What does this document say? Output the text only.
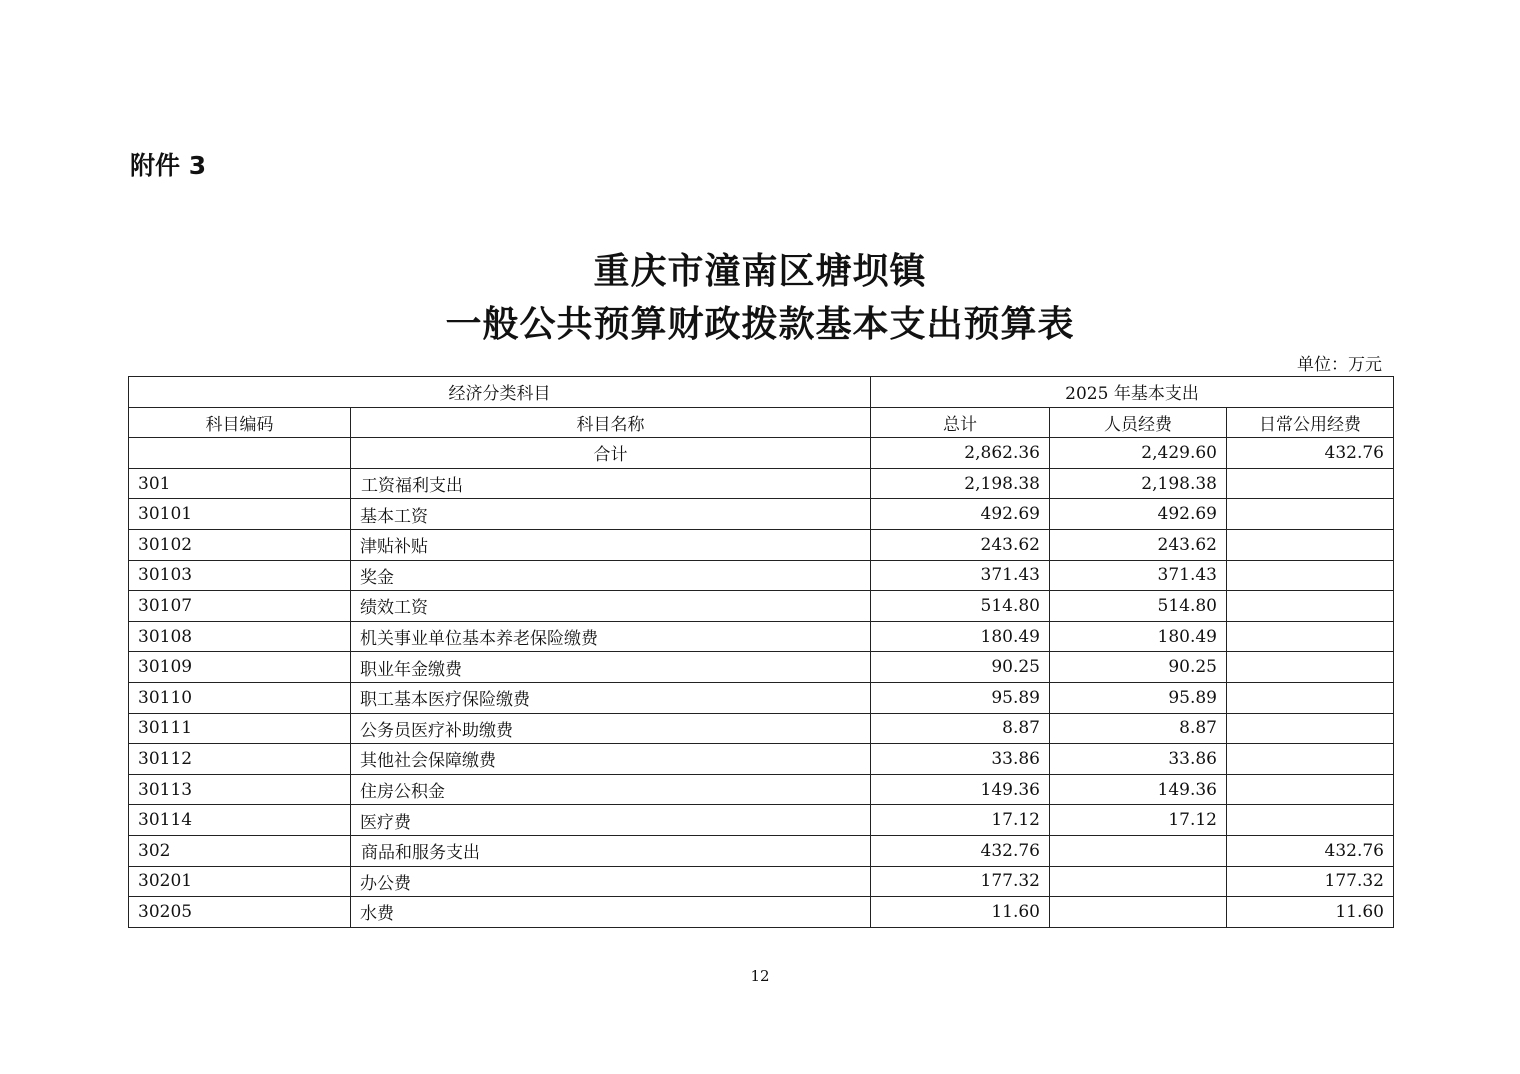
附件 3
重庆市潼南区塘坝镇
一般公共预算财政拨款基本支出预算表
单位：万元
经济分类科目		2025 年基本支出		
科目编码	科目名称	总计	人员经费	日常公用经费
	合计	2,862.36	2,429.60	432.76
301	工资福利支出	2,198.38	2,198.38	
30101	基本工资	492.69	492.69	
30102	津贴补贴	243.62	243.62	
30103	奖金	371.43	371.43	
30107	绩效工资	514.80	514.80	
30108	机关事业单位基本养老保险缴费	180.49	180.49	
30109	职业年金缴费	90.25	90.25	
30110	职工基本医疗保险缴费	95.89	95.89	
30111	公务员医疗补助缴费	8.87	8.87	
30112	其他社会保障缴费	33.86	33.86	
30113	住房公积金	149.36	149.36	
30114	医疗费	17.12	17.12	
302	商品和服务支出	432.76		432.76
30201	办公费	177.32		177.32
30205	水费	11.60		11.60
12
